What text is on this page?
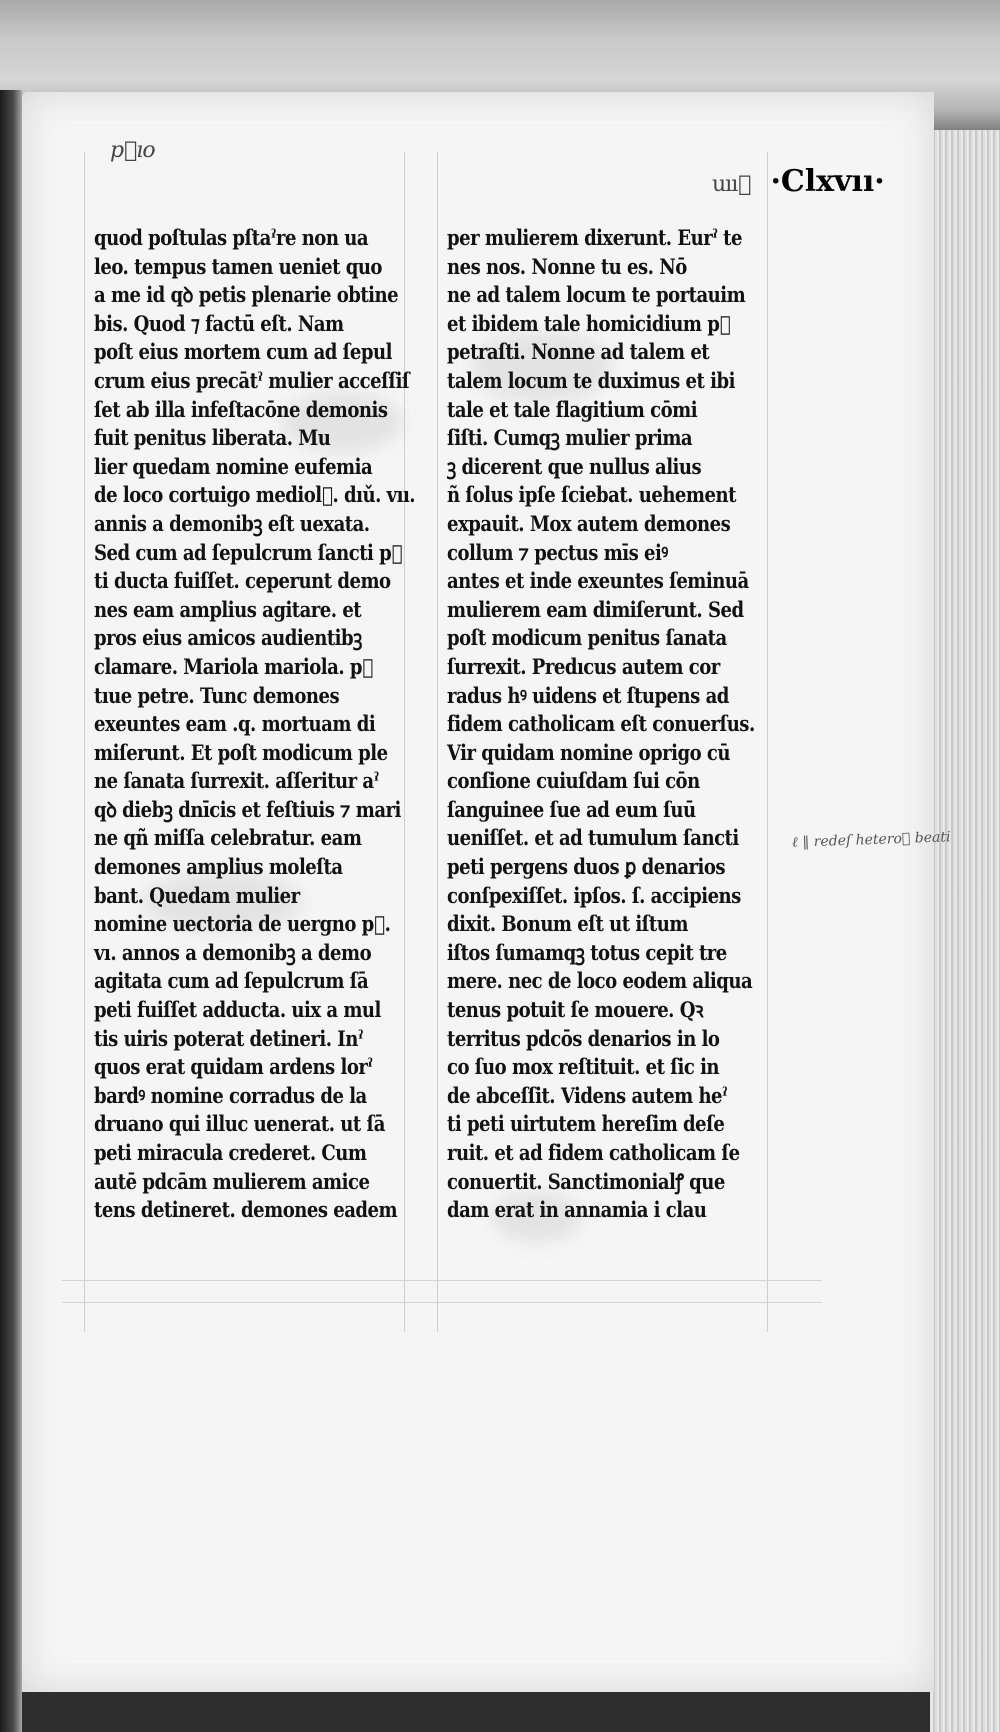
p᷑ıo
uıı᷑ ·Clxvıı·
quod poſtulas pſtaˀre non ua
leo. tempus tamen ueniet quo
a me id qꝺ petis plenarie obtine
bis. Quod ⁊ factū eſt. Nam
poſt eius mortem cum ad ſepul
crum eius precātˀ mulier acceſſiſ
ſet ab illa infeſtacōne demonis
fuit penitus liberata. Mu
lier quedam nomine eufemia
de loco cortuigo mediol᷑. dıǔ. vıı.
annis a demonibꝫ eſt uexata.
Sed cum ad ſepulcrum ſancti p᷑
ti ducta fuiſſet. ceperunt demo
nes eam amplius agitare. et
pros eius amicos audientibꝫ
clamare. Mariola mariola. p᷑
tıue petre. Tunc demones
exeuntes eam .q. mortuam di
miſerunt. Et poſt modicum ple
ne ſanata ſurrexit. aſſeritur aˀ
qꝺ diebꝫ dnīcis et feſtiuis ⁊ mari
ne qñ miſſa celebratur. eam
demones amplius moleſta
bant. Quedam mulier
nomine uectoria de uergno p᷑.
vı. annos a demonibꝫ a demo
agitata cum ad ſepulcrum ſā
peti fuiſſet adducta. uix a mul
tis uiris poterat detineri. Inˀ
quos erat quidam ardens lorˀ
bardꝰ nomine corradus de la
druano qui illuc uenerat. ut ſā
peti miracula crederet. Cum
autē pdcām mulierem amice
tens detineret. demones eadem
per mulierem dixerunt. Eurˀ te
nes nos. Nonne tu es. Nō
ne ad talem locum te portauim
et ibidem tale homicidium p᷑
petraſti. Nonne ad talem et
talem locum te duximus et ibi
tale et tale flagitium cōmi
ſiſti. Cumqꝫ mulier prima
ꝫ dicerent que nullus alius
ñ ſolus ipſe ſciebat. uehement
expauit. Mox autem demones
collum ⁊ pectus mīs eiꝰ
antes et inde exeuntes ſeminuā
mulierem eam dimiſerunt. Sed
poſt modicum penitus ſanata
ſurrexit. Predıcus autem cor
radus hꝰ uidens et ſtupens ad
fidem catholicam eſt conuerſus.
Vir quidam nomine oprigo cū
conſione cuiuſdam ſui cōn
ſanguinee ſue ad eum ſuū
ueniſſet. et ad tumulum ſancti
peti pergens duos ꝑ denarios
conſpexiſſet. ipſos. ſ. accipiens
dixit. Bonum eſt ut iſtum
iſtos ſumamqꝫ totus cepit tre
mere. nec de loco eodem aliqua
tenus potuit ſe mouere. Qꝛ
territus pdcōs denarios in lo
co ſuo mox reſtituit. et ſic in
de abceſſit. Videns autem heˀ
ti peti uirtutem hereſim deſe
ruit. et ad fidem catholicam ſe
conuertit. Sanctimonialꝭ que
dam erat in annamia i clau
ℓ ‖ redeſ hetero᷑ beati
